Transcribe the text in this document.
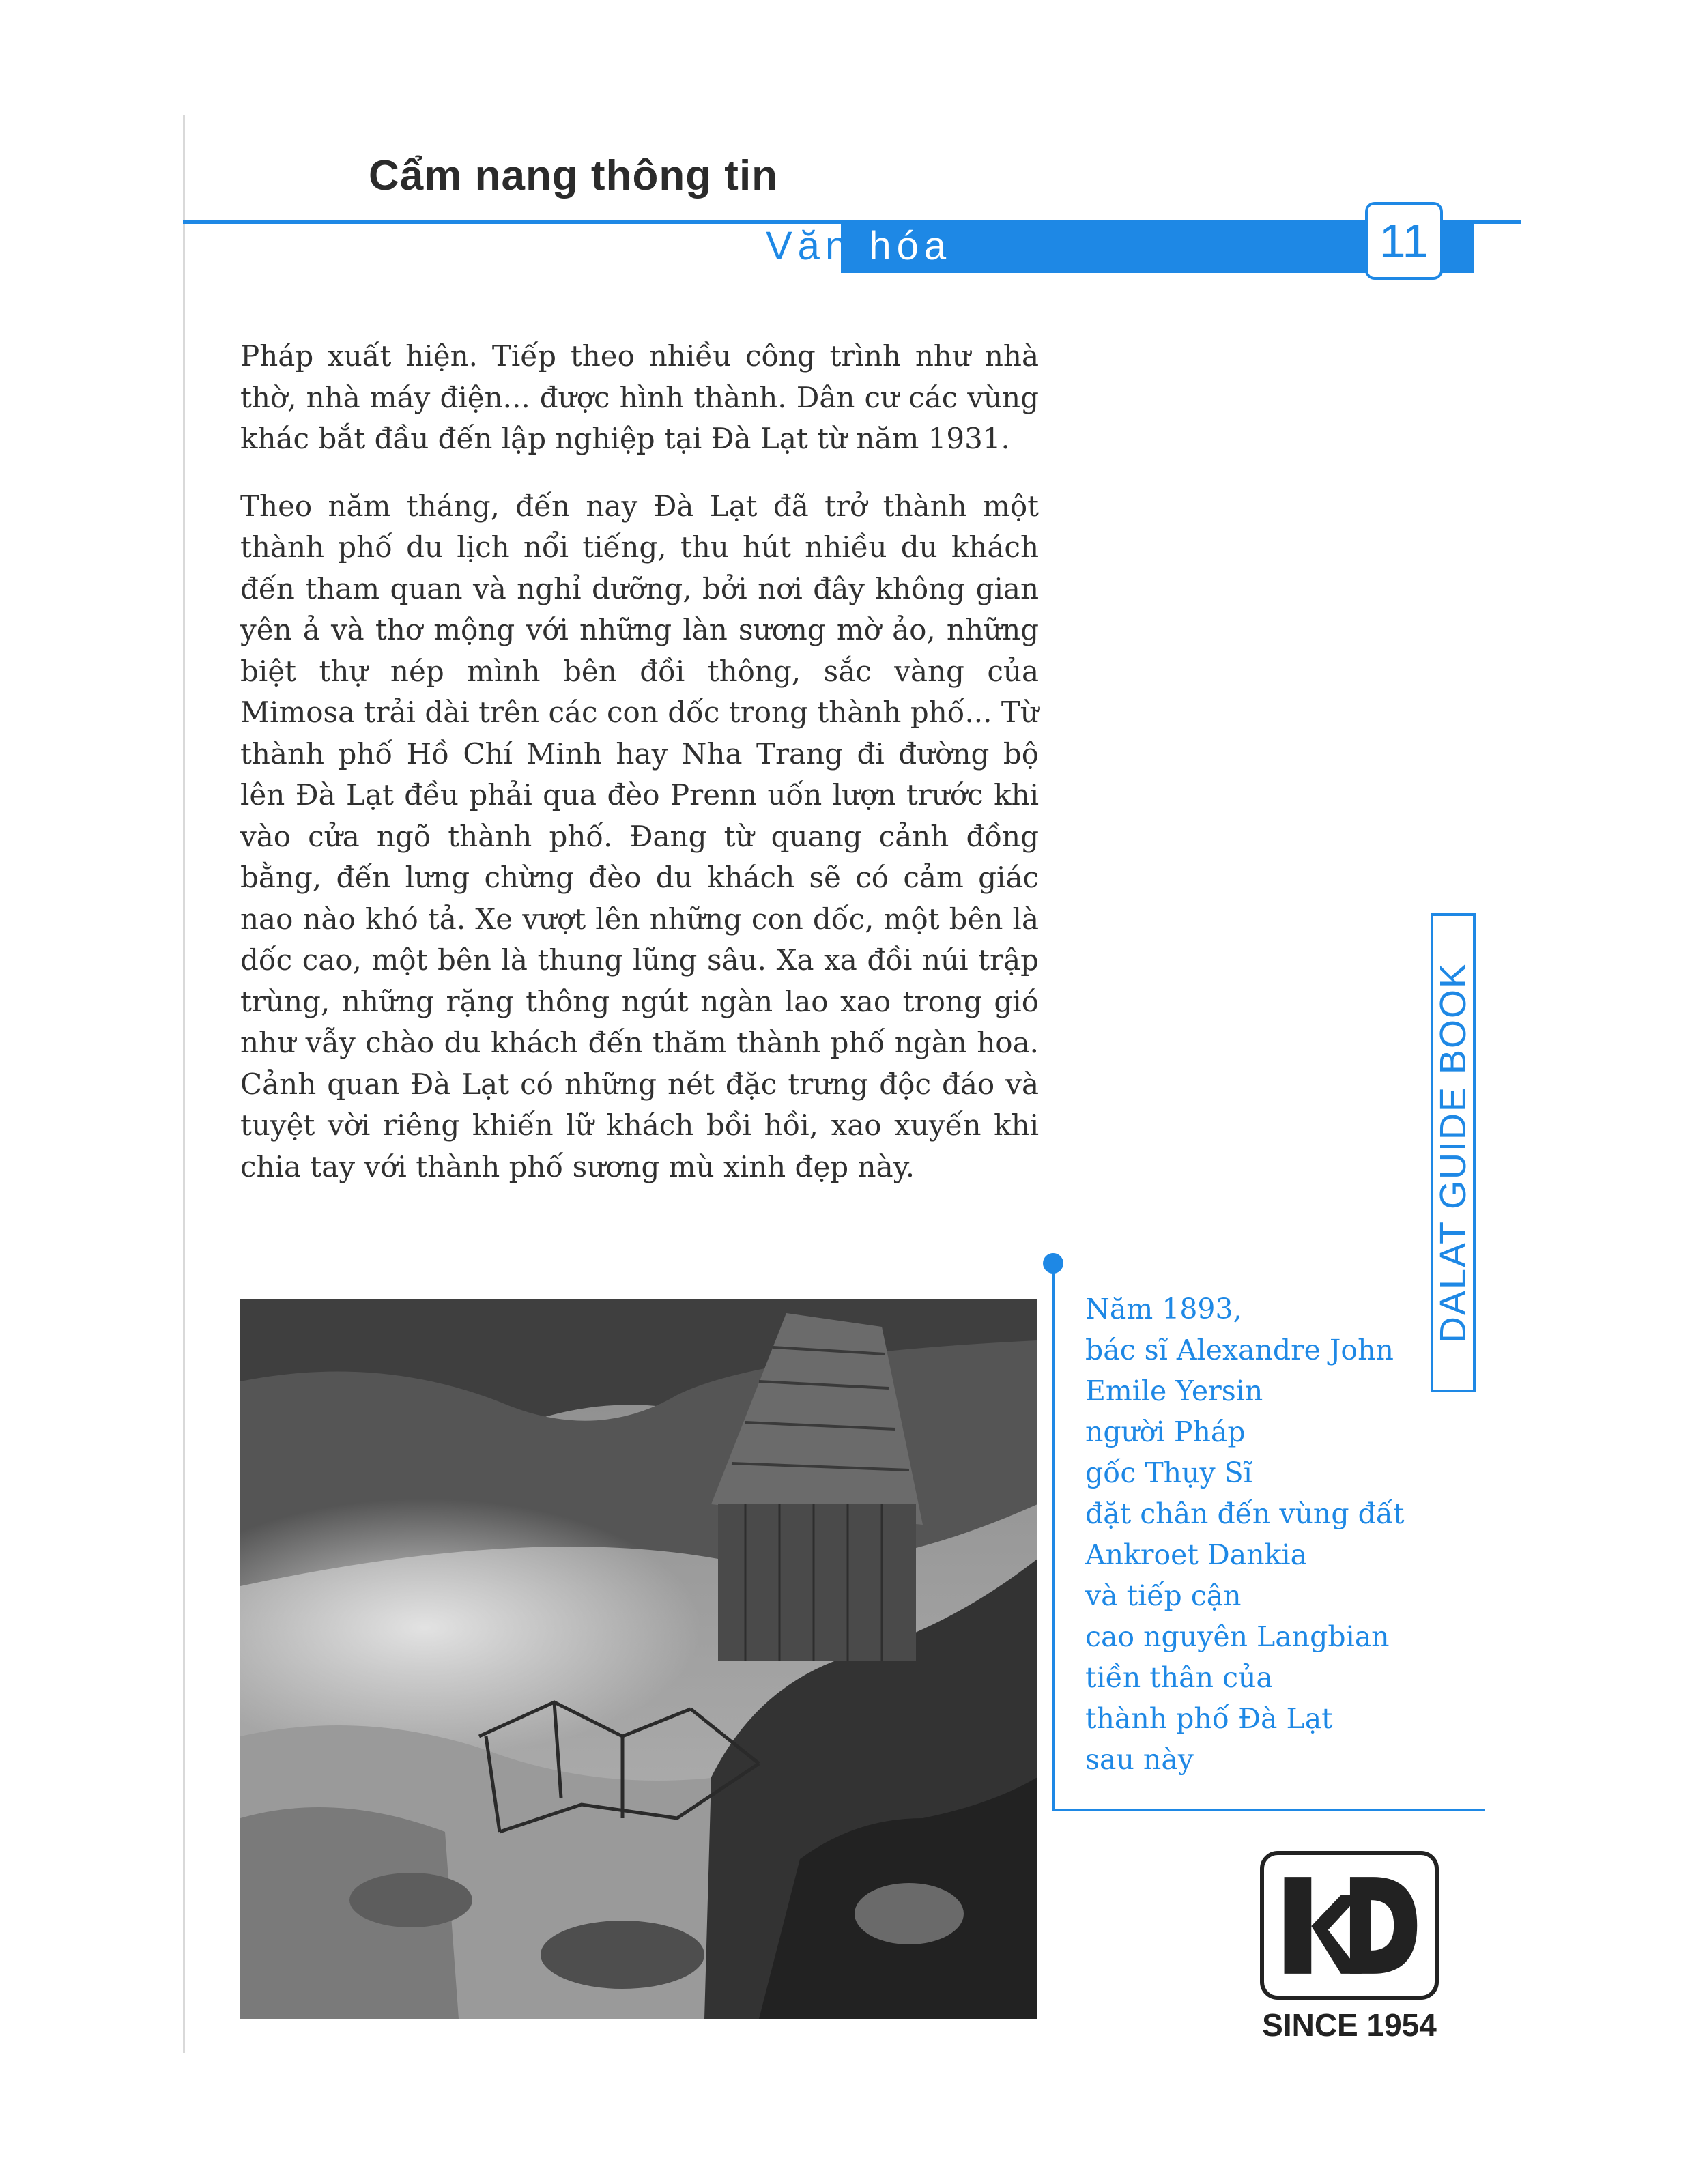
Cẩm nang thông tin
Văn hóa	11

Pháp xuất hiện. Tiếp theo nhiều công trình như nhà thờ, nhà máy điện... được hình thành. Dân cư các vùng khác bắt đầu đến lập nghiệp tại Đà Lạt từ năm 1931.

Theo năm tháng, đến nay Đà Lạt đã trở thành một thành phố du lịch nổi tiếng, thu hút nhiều du khách đến tham quan và nghỉ dưỡng, bởi nơi đây không gian yên ả và thơ mộng với những làn sương mờ ảo, những biệt thự nép mình bên đồi thông, sắc vàng của Mimosa trải dài trên các con dốc trong thành phố... Từ thành phố Hồ Chí Minh hay Nha Trang đi đường bộ lên Đà Lạt đều phải qua đèo Prenn uốn lượn trước khi vào cửa ngõ thành phố. Đang từ quang cảnh đồng bằng, đến lưng chừng đèo du khách sẽ có cảm giác nao nào khó tả. Xe vượt lên những con dốc, một bên là dốc cao, một bên là thung lũng sâu. Xa xa đồi núi trập trùng, những rặng thông ngút ngàn lao xao trong gió như vẫy chào du khách đến thăm thành phố ngàn hoa. Cảnh quan Đà Lạt có những nét đặc trưng độc đáo và tuyệt vời riêng khiến lữ khách bồi hồi, xao xuyến khi chia tay với thành phố sương mù xinh đẹp này.	DALAT GUIDE BOOK
Năm 1893,
bác sĩ Alexandre John
Emile Yersin
người Pháp
gốc Thụy Sĩ
đặt chân đến vùng đất
Ankroet Dankia
và tiếp cận
cao nguyên Langbian
tiền thân của
thành phố Đà Lạt
sau này
SINCE 1954
